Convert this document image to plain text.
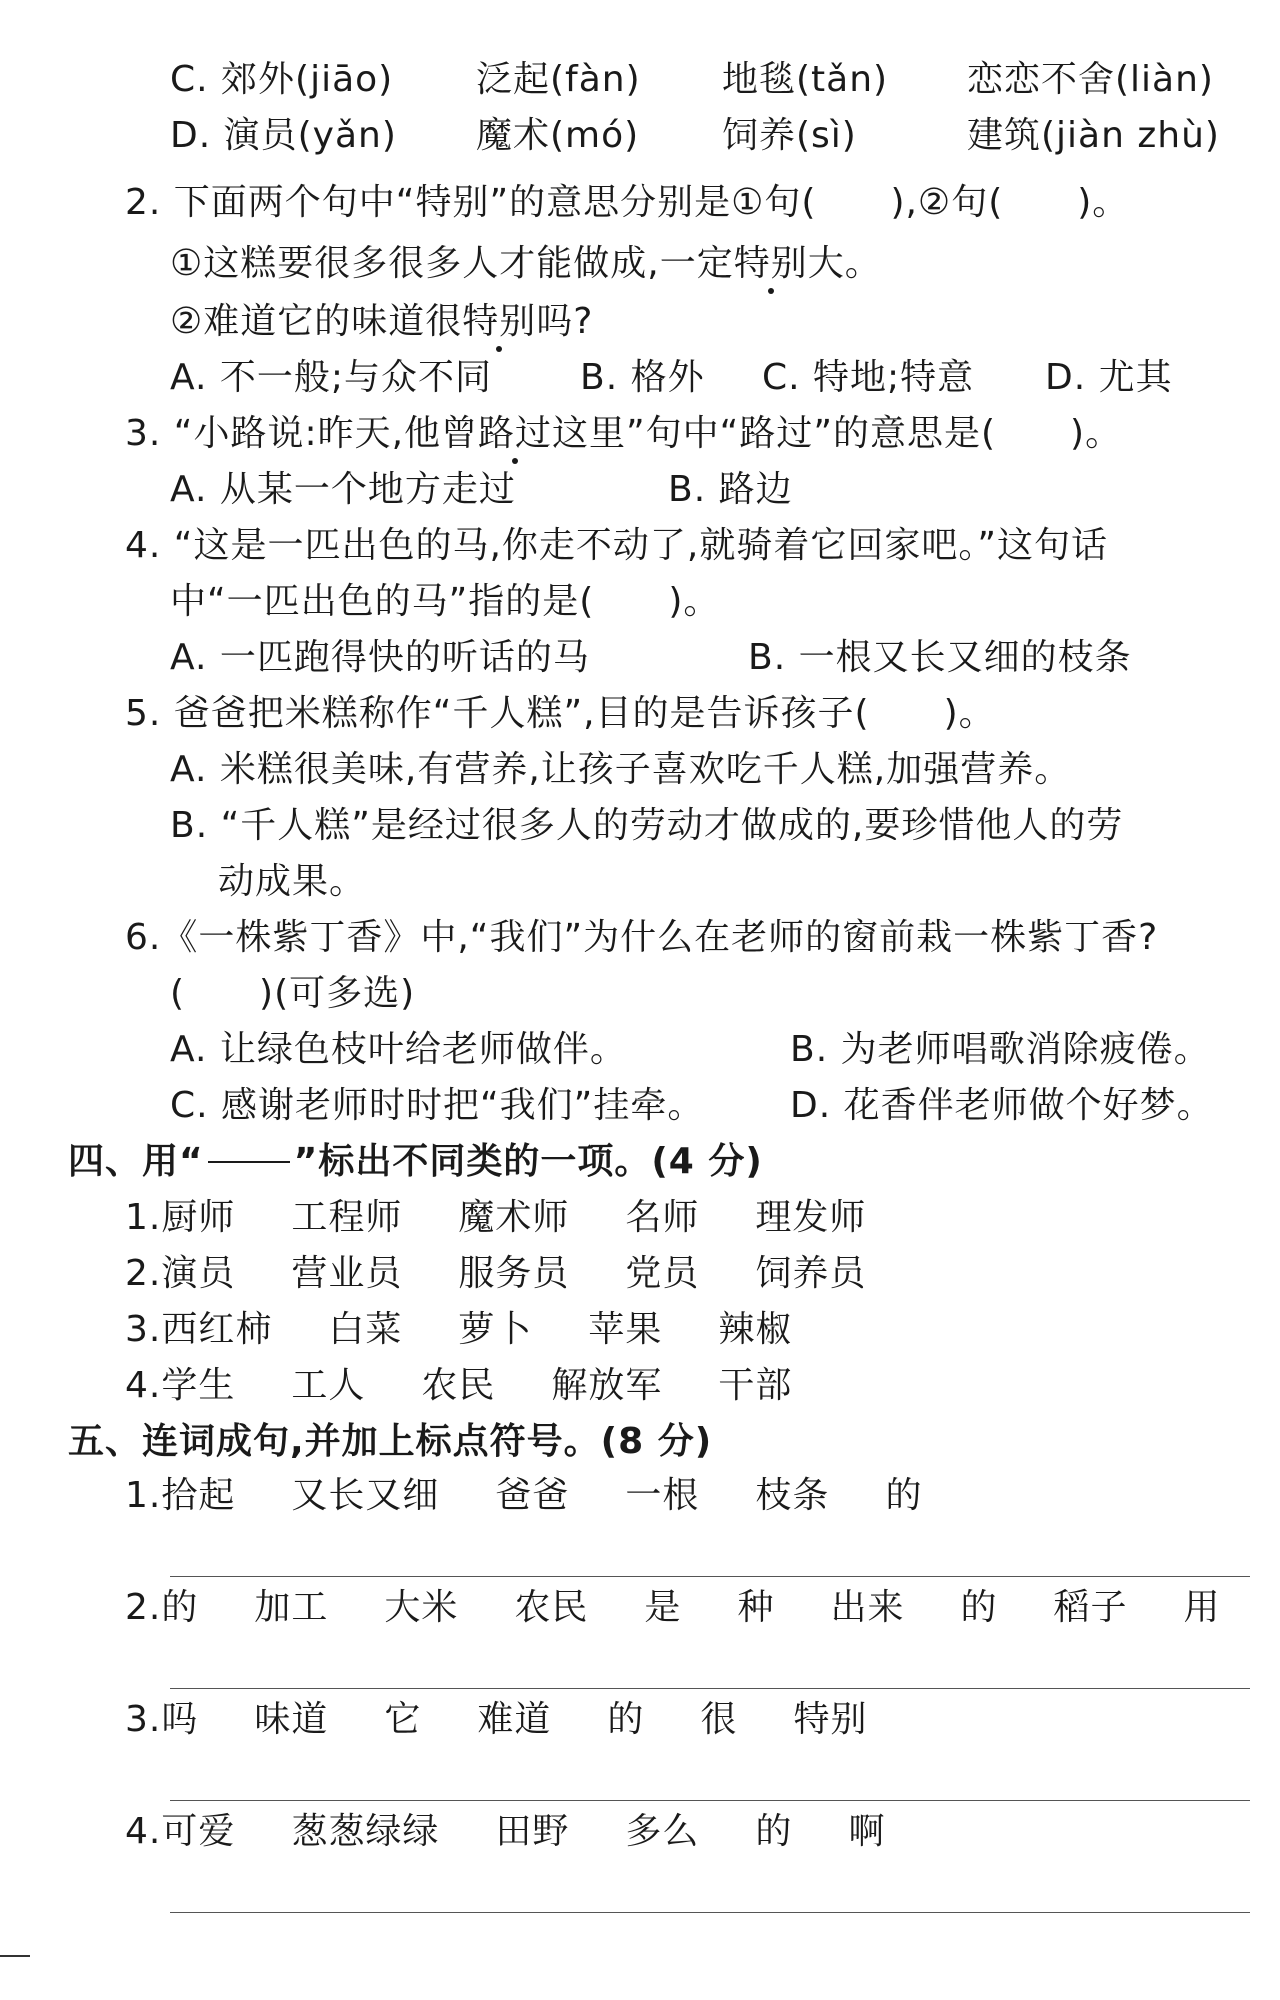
C. 郊外(jiāo) 泛起(fàn) 地毯(tǎn) 恋恋不舍(liàn)
D. 演员(yǎn) 魔术(mó) 饲养(sì)	建筑(jiàn zhù)
2. 下面两个句中“特别”的意思分别是①句(　　),②句(　　)。
①这糕要很多很多人才能做成,一定特别大。
②难道它的味道很特别吗?
A. 不一般;与众不同 B. 格外 C. 特地;特意 D. 尤其
3. “小路说:昨天,他曾路过这里”句中“路过”的意思是(　　)。
A. 从某一个地方走过	B. 路边
4. “这是一匹出色的马,你走不动了,就骑着它回家吧。”这句话
中“一匹出色的马”指的是(　　)。
A. 一匹跑得快的听话的马	B. 一根又长又细的枝条
5. 爸爸把米糕称作“千人糕”,目的是告诉孩子(　　)。
A. 米糕很美味,有营养,让孩子喜欢吃千人糕,加强营养。
B. “千人糕”是经过很多人的劳动才做成的,要珍惜他人的劳
动成果。
6.《一株紫丁香》中,“我们”为什么在老师的窗前栽一株紫丁香?
(　　)(可多选)
A. 让绿色枝叶给老师做伴。	B. 为老师唱歌消除疲倦。
C. 感谢老师时时把“我们”挂牵。 D. 花香伴老师做个好梦。
四、用“	”标出不同类的一项。(4 分)
1.厨师 工程师 魔术师 名师 理发师
2.演员 营业员 服务员 党员 饲养员
3.西红柿 白菜 萝卜 苹果 辣椒
4.学生 工人 农民 解放军 干部
五、连词成句,并加上标点符号。(8 分)
1.拾起 又长又细 爸爸 一根 枝条 的
2.的 加工 大米 农民 是 种 出来 的 稻子 用
3.吗 味道 它 难道 的 很 特别
4.可爱 葱葱绿绿 田野 多么 的 啊
